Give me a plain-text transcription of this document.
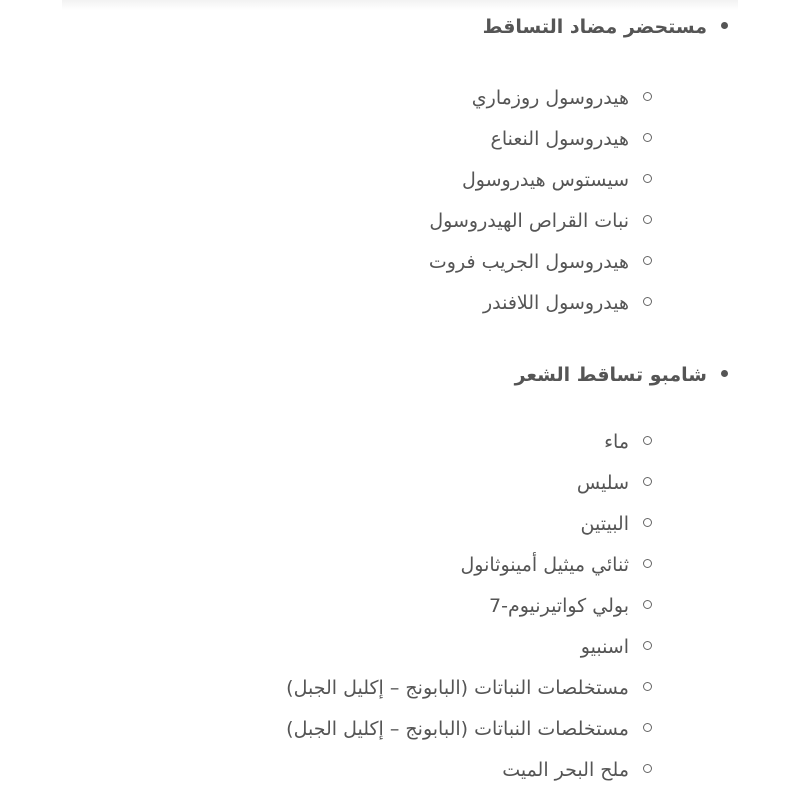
مستحضر مضاد التساقط
هيدروسول روزماري
هيدروسول النعناع
سيستوس هيدروسول
نبات القراص الهيدروسول
هيدروسول الجريب فروت
هيدروسول اللافندر
شامبو تساقط الشعر
ماء
سليس
البيتين
ثنائي ميثيل أمينوثانول
بولي كواتيرنيوم-7
اسنبيو
مستخلصات النباتات (البابونج – إكليل الجبل)
مستخلصات النباتات (البابونج – إكليل الجبل)
ملح البحر الميت
